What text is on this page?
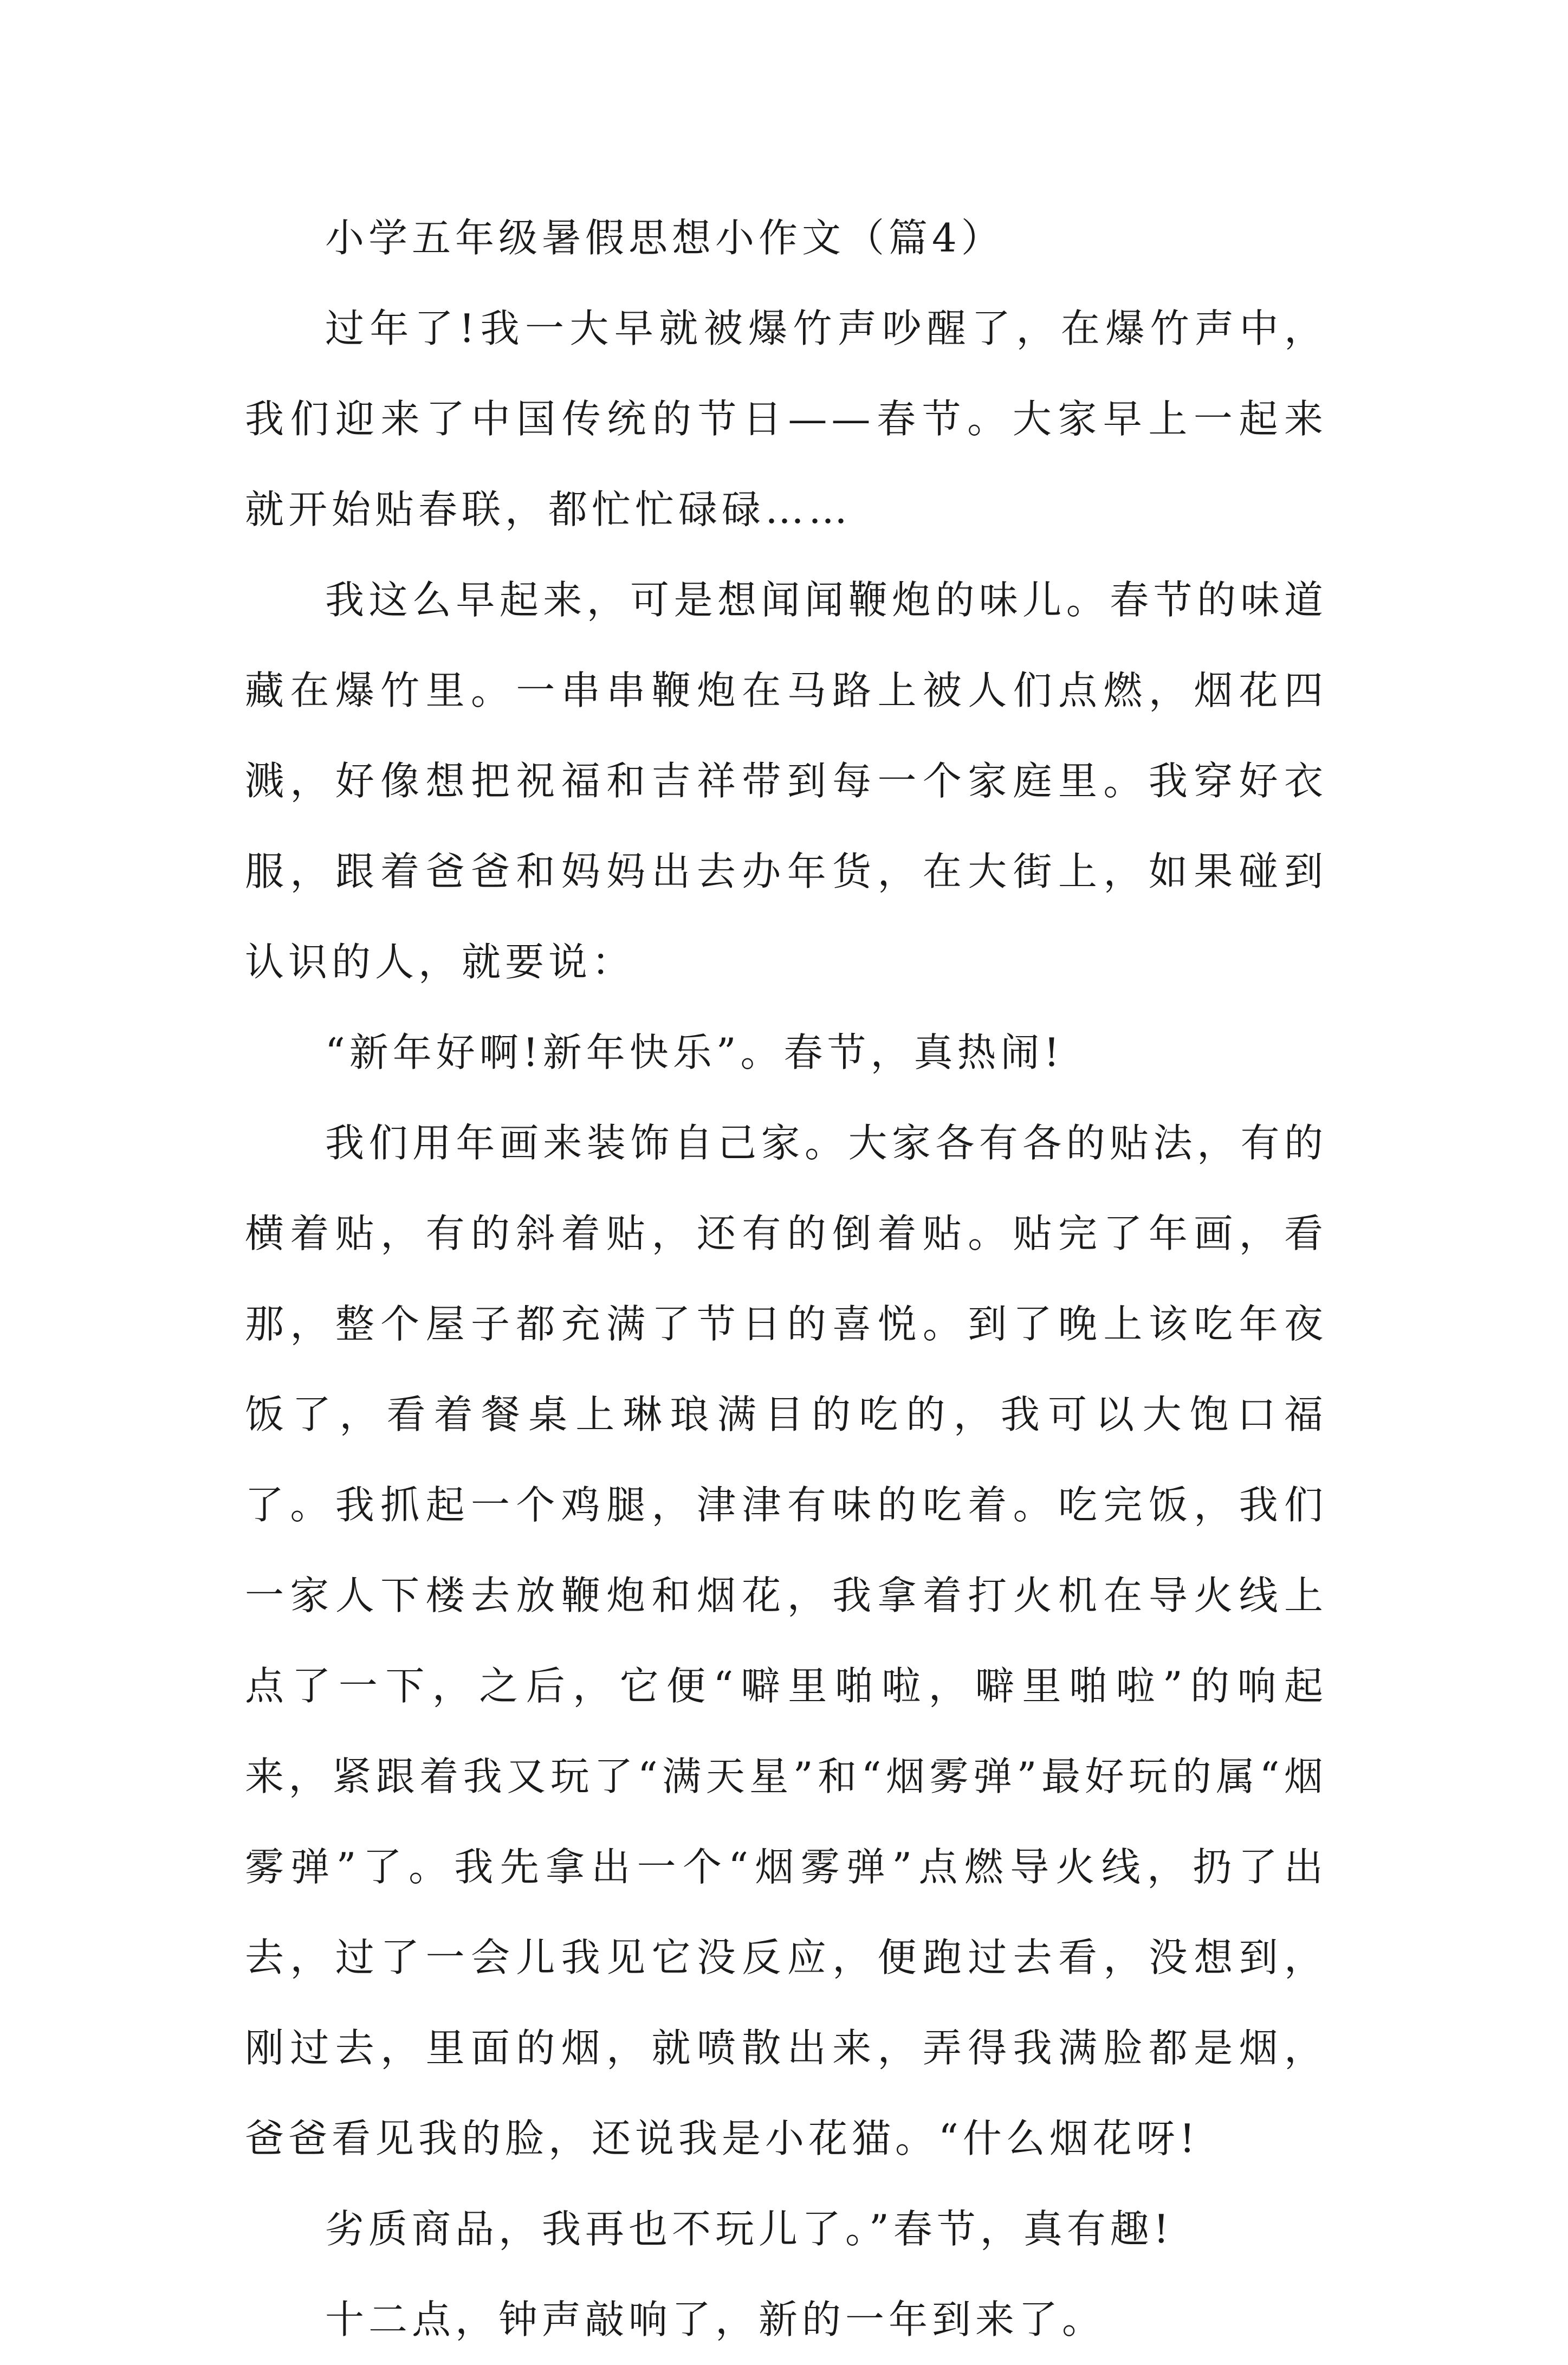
小学五年级暑假思想小作文（篇4）

过年了!我一大早就被爆竹声吵醒了，在爆竹声中，我们迎来了中国传统的节日——春节。大家早上一起来就开始贴春联，都忙忙碌碌……

我这么早起来，可是想闻闻鞭炮的味儿。春节的味道藏在爆竹里。一串串鞭炮在马路上被人们点燃，烟花四溅，好像想把祝福和吉祥带到每一个家庭里。我穿好衣服，跟着爸爸和妈妈出去办年货，在大街上，如果碰到认识的人，就要说：

“新年好啊!新年快乐”。春节，真热闹!

我们用年画来装饰自己家。大家各有各的贴法，有的横着贴，有的斜着贴，还有的倒着贴。贴完了年画，看那，整个屋子都充满了节日的喜悦。到了晚上该吃年夜饭了，看着餐桌上琳琅满目的吃的，我可以大饱口福了。我抓起一个鸡腿，津津有味的吃着。吃完饭，我们一家人下楼去放鞭炮和烟花，我拿着打火机在导火线上点了一下，之后，它便“噼里啪啦，噼里啪啦”的响起来，紧跟着我又玩了“满天星”和“烟雾弹”最好玩的属“烟雾弹”了。我先拿出一个“烟雾弹”点燃导火线，扔了出去，过了一会儿我见它没反应，便跑过去看，没想到，刚过去，里面的烟，就喷散出来，弄得我满脸都是烟，爸爸看见我的脸，还说我是小花猫。“什么烟花呀!

劣质商品，我再也不玩儿了。”春节，真有趣!

十二点，钟声敲响了，新的一年到来了。
